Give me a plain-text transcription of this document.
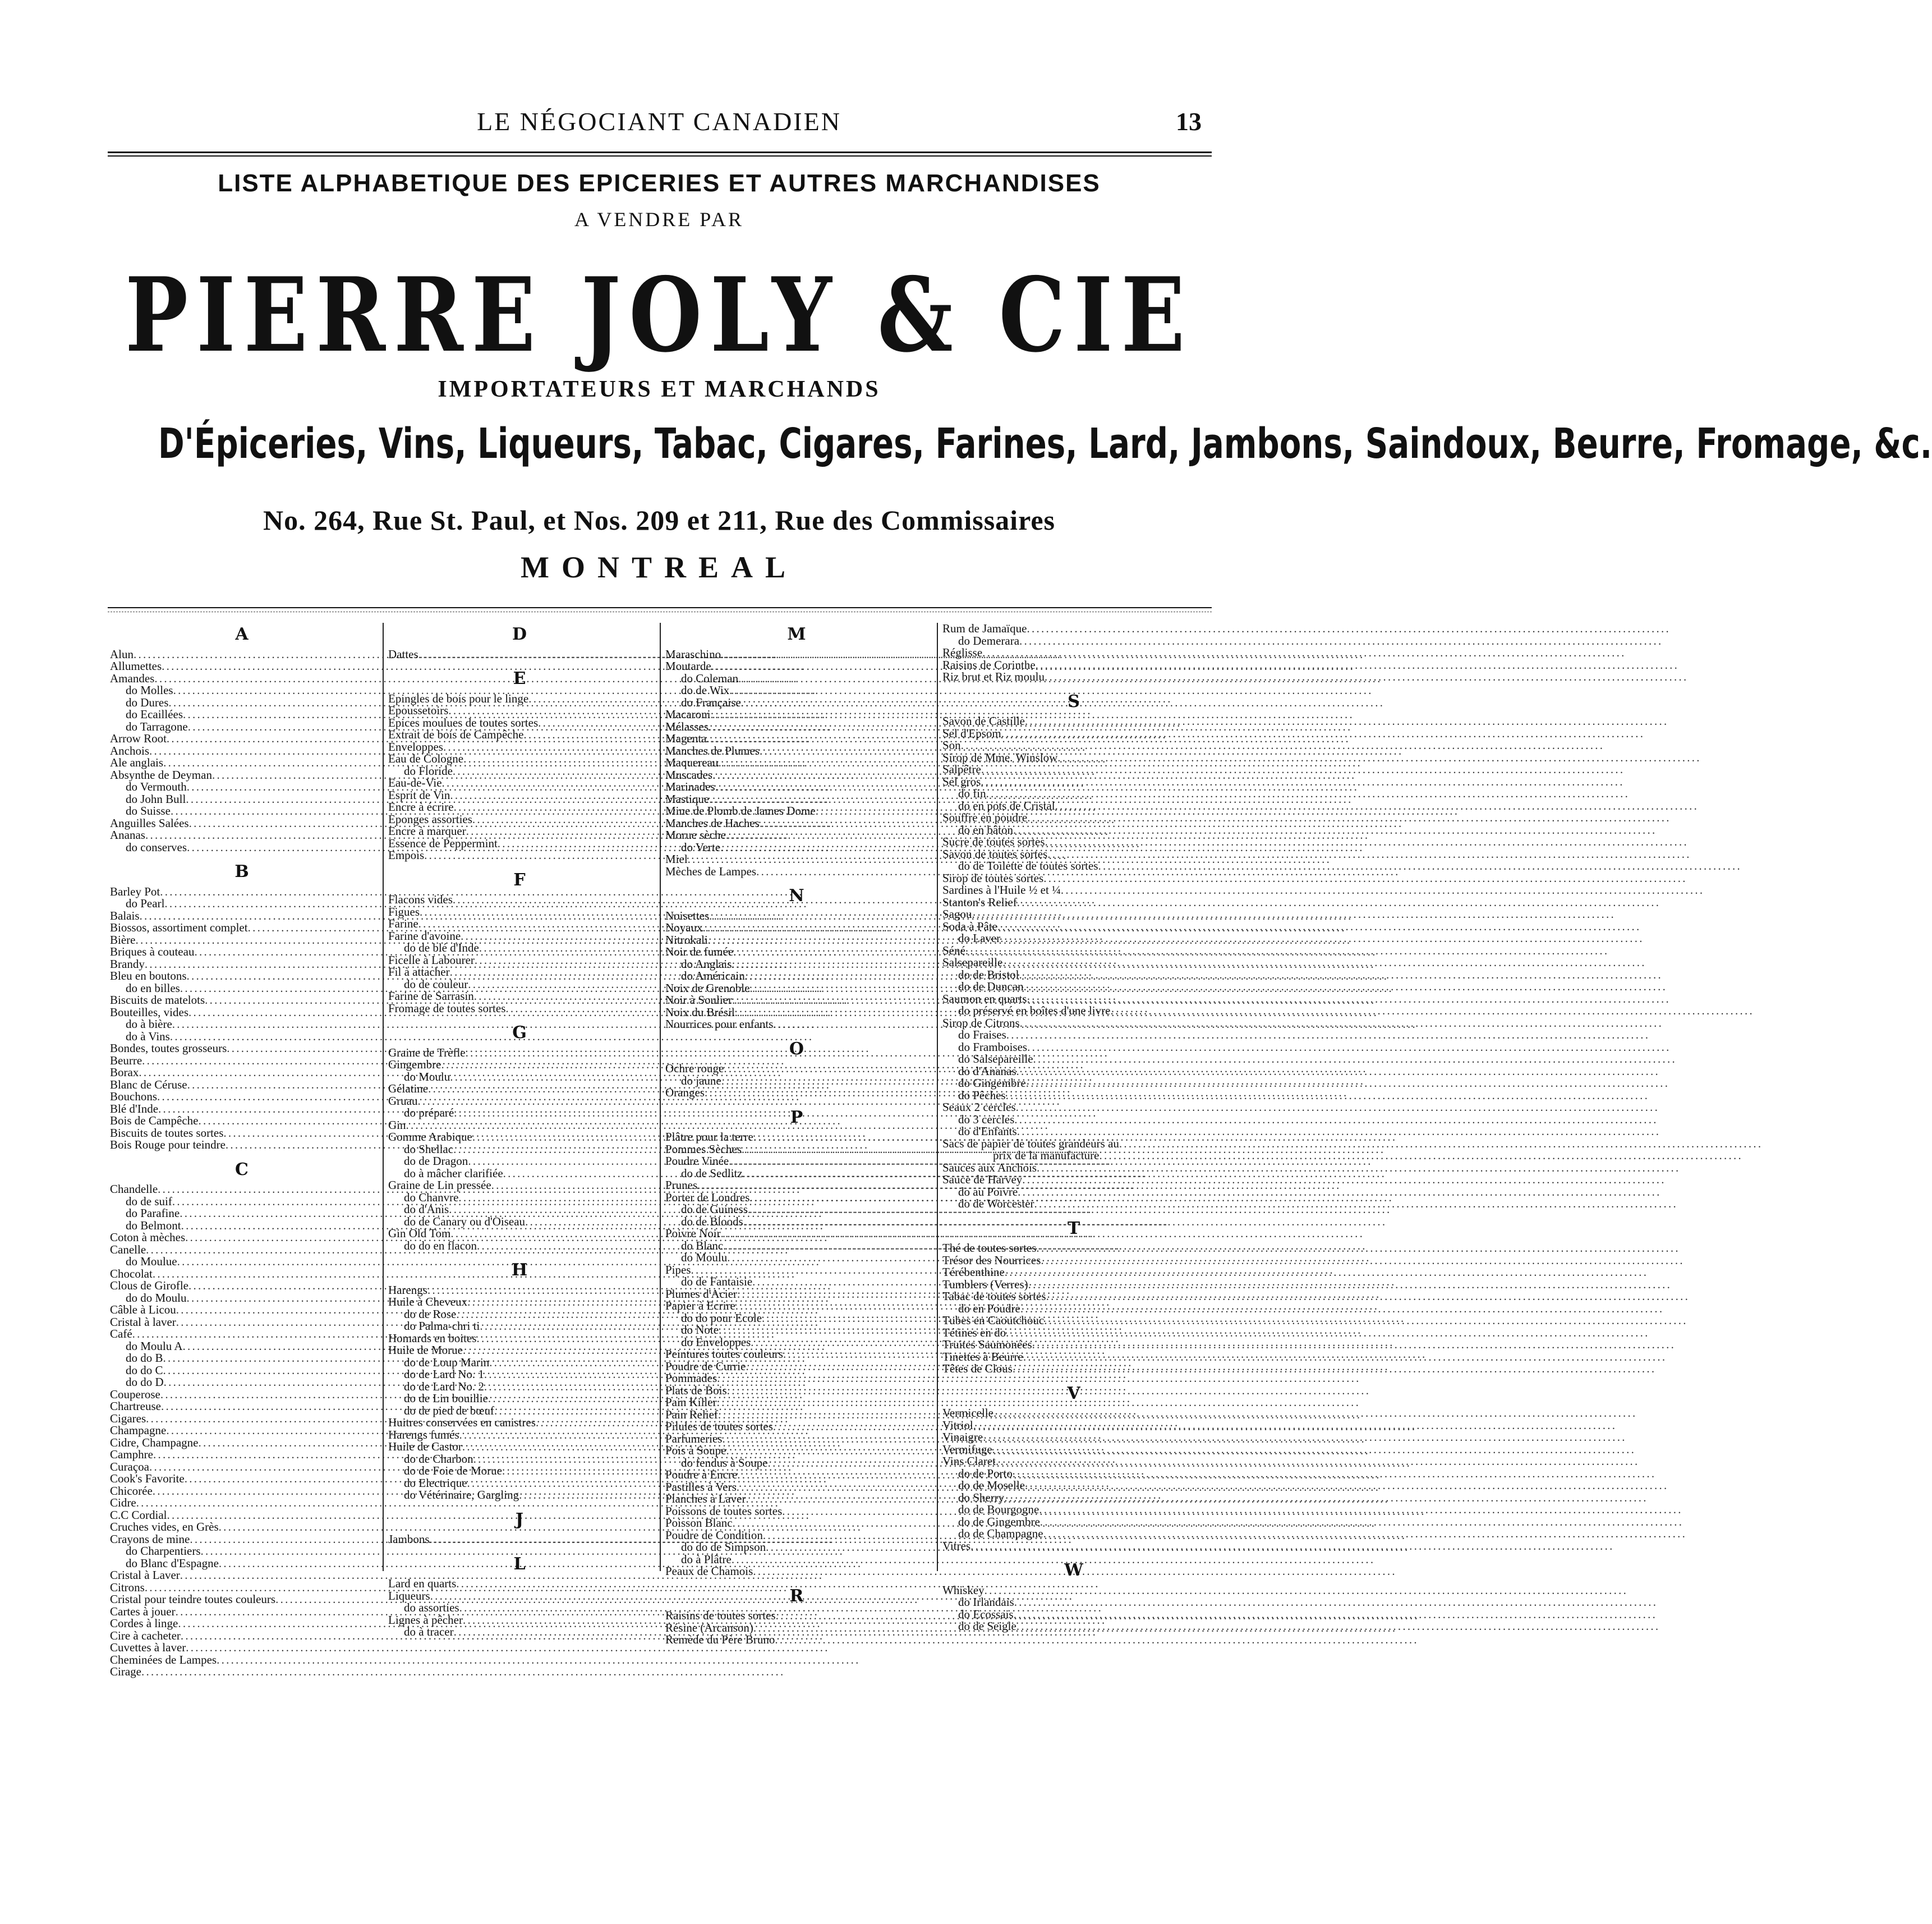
LE NÉGOCIANT CANADIEN	13
LISTE ALPHABETIQUE DES EPICERIES ET AUTRES MARCHANDISES
A VENDRE PAR
PIERRE JOLY & CIE
IMPORTATEURS ET MARCHANDS
D'Épiceries, Vins, Liqueurs, Tabac, Cigares, Farines, Lard, Jambons, Saindoux, Beurre, Fromage, &c.
No. 264, Rue St. Paul, et Nos. 209 et 211, Rue des Commissaires
MONTREAL
A
Alun
. . .
Allumettes
. . .
Amandes
. . .
do Molles
. . .
do Dures
. . .
do Ecaillées
. . .
do Tarragone
. . .
Arrow Root
. . .
Anchois
. . .
Ale anglais
. . .
Absynthe de Deyman
. . .
do Vermouth
. . .
do John Bull
. . .
do Suisse
. . .
Anguilles Salées
. . .
Ananas
. . .
do conserves
. . .
B
Barley Pot
. . .
do Pearl
. . .
Balais
. . .
Biossos, assortiment complet
. . .
Bière
. . .
Briques à couteau
. . .
Brandy
. . .
Bleu en boutons
. . .
do en billes
. . .
Biscuits de matelots
. . .
Bouteilles, vides
. . .
do à bière
. . .
do à Vins
. . .
Bondes, toutes grosseurs
. . .
Beurre
. . .
Borax
. . .
Blanc de Céruse
. . .
Bouchons
. . .
Blé d'Inde
. . .
Bois de Campêche
. . .
Biscuits de toutes sortes
. . .
Bois Rouge pour teindre
. . .
C
Chandelle
. . .
do de suif
. . .
do Parafine
. . .
do Belmont
. . .
Coton à mèches
. . .
Canelle
. . .
do Moulue
. . .
Chocolat
. . .
Clous de Girofle
. . .
do do Moulu
. . .
Câble à Licou
. . .
Cristal à laver
. . .
Café
. . .
do Moulu A
. . .
do do B
. . .
do do C
. . .
do do D
. . .
Couperose
. . .
Chartreuse
. . .
Cigares
. . .
Champagne
. . .
Cidre, Champagne
. . .
Camphre
. . .
Curaçoa
. . .
Cook's Favorite
. . .
Chicorée
. . .
Cidre
. . .
C.C Cordial
. . .
Cruches vides, en Grès
. . .
Crayons de mine
. . .
do Charpentiers
. . .
do Blanc d'Espagne
. . .
Cristal à Laver
. . .
Citrons
. . .
Cristal pour teindre toutes couleurs
. . .
Cartes à jouer
. . .
Cordes à linge
. . .
Cire à cacheter
. . .
Cuvettes à laver
. . .
Cheminées de Lampes
. . .
Cirage
. . .
D
Dattes
. . .
E
Epingles de bois pour le linge
. . .
Epoussetoirs
. . .
Epices moulues de toutes sortes
. . .
Extrait de bois de Campêche
. . .
Enveloppes
. . .
Eau de Cologne
. . .
do Floride
. . .
Eau-de-Vie
. . .
Esprit de Vin
. . .
Encre à écrire
. . .
Eponges assorties
. . .
Encre à marquer
. . .
Essence de Peppermint
. . .
Empois
. . .
F
Flacons vides
. . .
Figues
. . .
Farine
. . .
Farine d'avoine
. . .
do de blé d'Inde
. . .
Ficelle à Labourer
. . .
Fil à attacher
. . .
do de couleur
. . .
Farine de Sarrasin
. . .
Fromage de toutes sortes
. . .
G
Graine de Trèfle
. . .
Gingembre
. . .
do Moulu
. . .
Gélatine
. . .
Gruau
. . .
do préparé
. . .
Gin
. . .
Gomme Arabique
. . .
do Shellac
. . .
do de Dragon
. . .
do à mâcher clarifiée
. . .
Graine de Lin pressée
. . .
do Chanvre
. . .
do d'Anis
. . .
do de Canary ou d'Oiseau
. . .
Gin Old Tom
. . .
do do en flacon
. . .
H
Harengs
. . .
Huile à Cheveux
. . .
do de Rose
. . .
do Palma-chri ti
. . .
Homards en boites
. . .
Huile de Morue
. . .
do de Loup Marin
. . .
do de Lard No. 1
. . .
do de Lard No. 2
. . .
do de Lin bouillie
. . .
do de pied de bœuf
. . .
Huitres conservées en canistres
. . .
Harengs fumés
. . .
Huile de Castor
. . .
do de Charbon
. . .
do de Foie de Morue
. . .
do Electrique
. . .
do Vétérinaire, Gargling
. . .
J
Jambons
. . .
L
Lard en quarts
. . .
Liqueurs
. . .
do assorties
. . .
Lignes à pêcher
. . .
do à tracer
. . .
M
Maraschino
. . .
Moutarde
. . .
do Coleman
. . .
do de Wix
. . .
do Française
. . .
Macaroni
. . .
Mélasses
. . .
Magenta
. . .
Manches de Plumes
. . .
Maquereau
. . .
Muscades
. . .
Marinades
. . .
Mastique
. . .
Mine de Plomb de James Dome
. . .
Manches de Haches
. . .
Morue sèche
. . .
do Verte
. . .
Miel
. . .
Mèches de Lampes
. . .
N
Noisettes
. . .
Noyaux
. . .
Nitrokali
. . .
Noir de fumée
. . .
do Anglais
. . .
do Américain
. . .
Noix de Grenoble
. . .
Noir à Soulier
. . .
Noix du Brésil
. . .
Nourrices pour enfants
. . .
O
Ochre rouge
. . .
do jaune
. . .
Oranges
. . .
P
Plâtre pour la terre
. . .
Pommes Sèches
. . .
Poudre Vinée
. . .
do de Sedlitz
. . .
Prunes
. . .
Porter de Londres
. . .
do de Guiness
. . .
do de Bloods
. . .
Poivre Noir
. . .
do Blanc
. . .
do Moulu
. . .
Pipes
. . .
do de Fantaisie
. . .
Plumes d'Acier
. . .
Papier à Ecrire
. . .
do do pour Ecole
. . .
do Note
. . .
do Enveloppes
. . .
Peintures toutes couleurs
. . .
Poudre de Currie
. . .
Pommades
. . .
Plats de Bois
. . .
Pain Killer
. . .
Pain Relief
. . .
Pilules de toutes sortes
. . .
Parfumeries
. . .
Pois à Soupe
. . .
do fendus à Soupe
. . .
Poudre à Encre
. . .
Pastilles à Vers
. . .
Planches à Laver
. . .
Poissons de toutes sortes
. . .
Poisson Blanc
. . .
Poudre de Condition
. . .
do do de Simpson
. . .
do à Plâtre
. . .
Peaux de Chamois
. . .
R
Raisins de toutes sortes
. . .
Résine (Arcanson)
. . .
Remède du Père Bruno
. . .
Rum de Jamaïque
. . .
do Demerara
. . .
Réglisse
. . .
Raisins de Corinthe
. . .
Riz brut et Riz moulu
. . .
S
Savon de Castille
. . .
Sel d'Epsom
. . .
Son
. . .
Sirop de Mme. Winslow
. . .
Salpêtre
. . .
Sel gros
. . .
do fin
. . .
do en pots de Cristal
. . .
Souffre en poudre
. . .
do en bâton
. . .
Sucre de toutes sortes
. . .
Savon de toutes sortes
. . .
do de Toilette de toutes sortes
. . .
Sirop de toutes sortes
. . .
Sardines à l'Huile ½ et ¼
. . .
Stanton's Relief
. . .
Sagou
. . .
Soda à Pâte
. . .
do Laver
. . .
Séné
. . .
Salsepareille
. . .
do de Bristol
. . .
do de Duncan
. . .
Saumon en quarts
. . .
do préservé en boîtes d'une livre
. . .
Sirop de Citrons
. . .
do Fraises
. . .
do Framboises
. . .
do Salsepareille
. . .
do d'Ananas
. . .
do Gingembre
. . .
do Pêches
. . .
Seaux 2 cercles
. . .
do 3 cercles
. . .
do d'Enfants
. . .
Sacs de papier de toutes grandeurs au
. . .
prix de la manufacture
. . .
Sauces aux Anchois
. . .
Sauce de Harvey
. . .
do au Poivre
. . .
do de Worcester
. . .
T
Thé de toutes sortes
. . .
Trésor des Nourrices
. . .
Térébenthine
. . .
Tumblers (Verres)
. . .
Tabac de toutes sortes
. . .
do en Poudre
. . .
Tubes en Caoutchouc
. . .
Tétines en do
. . .
Truites Saumonées
. . .
Tinettes à Beurre
. . .
Têtes de Clous
. . .
V
Vermicelle
. . .
Vitriol
. . .
Vinaigre
. . .
Vermifuge
. . .
Vins Claret
. . .
do de Porto
. . .
do de Moselle
. . .
do Sherry
. . .
do de Bourgogne
. . .
do de Gingembre
. . .
do de Champagne
. . .
Vitres
. . .
W
Whiskey
. . .
do Irlandais
. . .
do Ecossais
. . .
do de Seigle
. . .
